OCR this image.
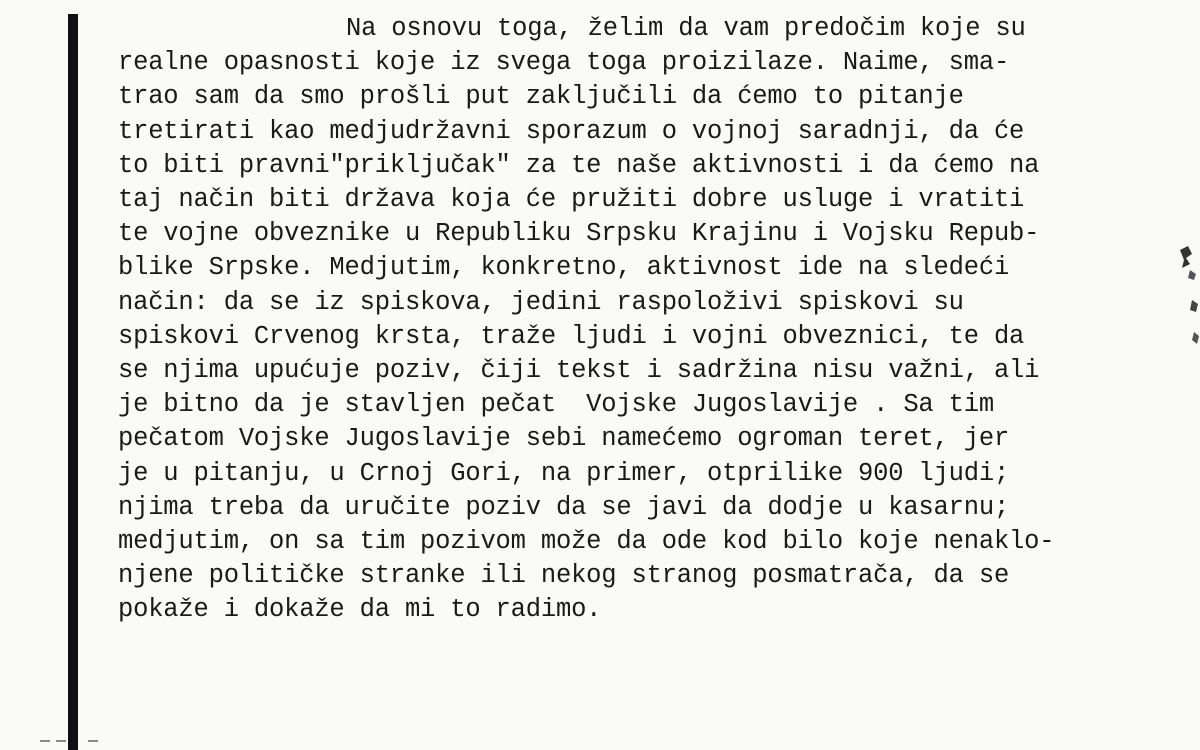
Na osnovu toga, želim da vam predočim koje su
realne opasnosti koje iz svega toga proizilaze. Naime, sma-
trao sam da smo prošli put zaključili da ćemo to pitanje
tretirati kao medjudržavni sporazum o vojnoj saradnji, da će
to biti pravni"priključak" za te naše aktivnosti i da ćemo na
taj način biti država koja će pružiti dobre usluge i vratiti
te vojne obveznike u Republiku Srpsku Krajinu i Vojsku Repub-
blike Srpske. Medjutim, konkretno, aktivnost ide na sledeći
način: da se iz spiskova, jedini raspoloživi spiskovi su
spiskovi Crvenog krsta, traže ljudi i vojni obveznici, te da
se njima upućuje poziv, čiji tekst i sadržina nisu važni, ali
je bitno da je stavljen pečat  Vojske Jugoslavije . Sa tim
pečatom Vojske Jugoslavije sebi namećemo ogroman teret, jer
je u pitanju, u Crnoj Gori, na primer, otprilike 900 ljudi;
njima treba da uručite poziv da se javi da dodje u kasarnu;
medjutim, on sa tim pozivom može da ode kod bilo koje nenaklo-
njene političke stranke ili nekog stranog posmatrača, da se
pokaže i dokaže da mi to radimo.
